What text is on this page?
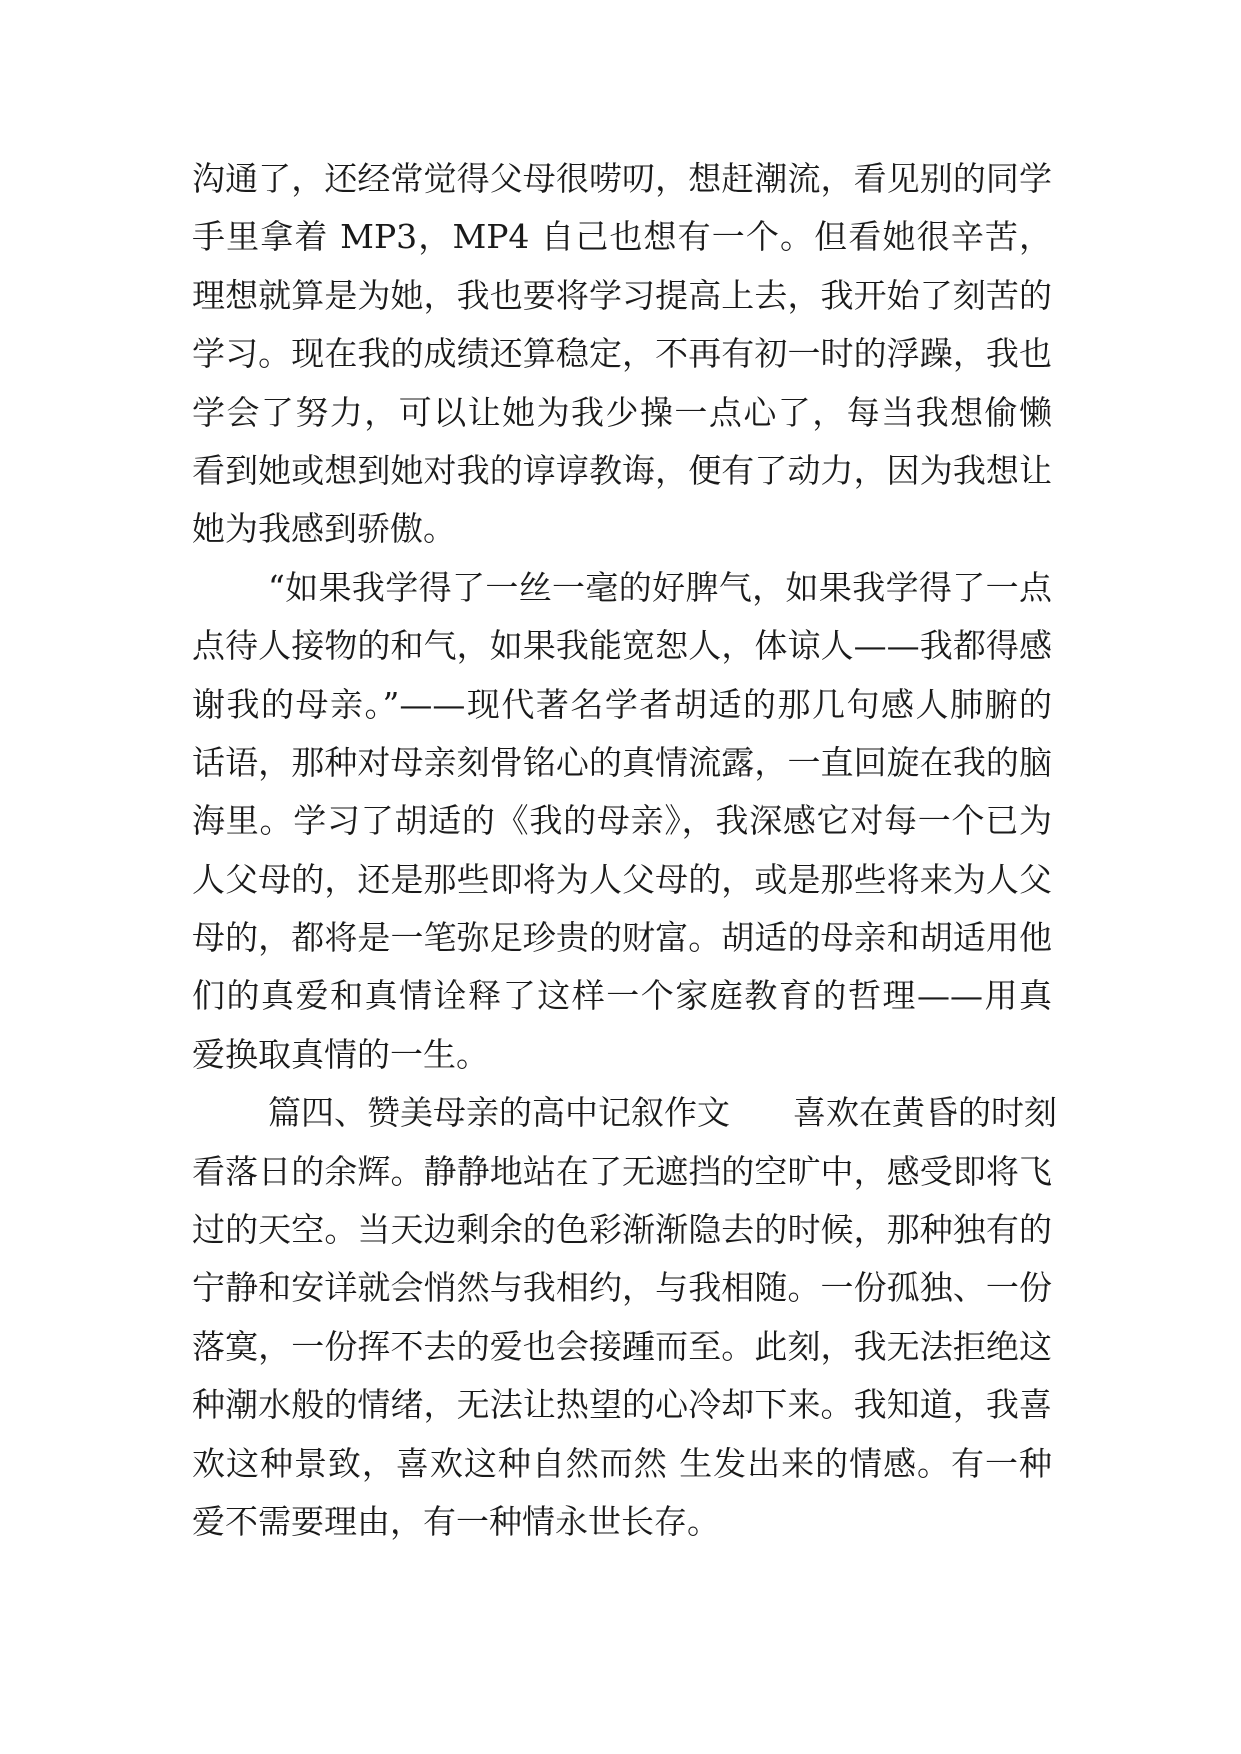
沟通了，还经常觉得父母很唠叨，想赶潮流，看见别的同学
手里拿着 MP3，MP4 自己也想有一个。但看她很辛苦，
理想就算是为她，我也要将学习提高上去，我开始了刻苦的
学习。现在我的成绩还算稳定，不再有初一时的浮躁，我也
学会了努力，可以让她为我少操一点心了，每当我想偷懒
看到她或想到她对我的谆谆教诲，便有了动力，因为我想让
她为我感到骄傲。
“如果我学得了一丝一毫的好脾气，如果我学得了一点
点待人接物的和气，如果我能宽恕人，体谅人——我都得感
谢我的母亲。”——现代著名学者胡适的那几句感人肺腑的
话语，那种对母亲刻骨铭心的真情流露，一直回旋在我的脑
海里。学习了胡适的《我的母亲》，我深感它对每一个已为
人父母的，还是那些即将为人父母的，或是那些将来为人父
母的，都将是一笔弥足珍贵的财富。胡适的母亲和胡适用他
们的真爱和真情诠释了这样一个家庭教育的哲理——用真
爱换取真情的一生。
篇四、赞美母亲的高中记叙作文      喜欢在黄昏的时刻
看落日的余辉。静静地站在了无遮挡的空旷中，感受即将飞
过的天空。当天边剩余的色彩渐渐隐去的时候，那种独有的
宁静和安详就会悄然与我相约，与我相随。一份孤独、一份
落寞，一份挥不去的爱也会接踵而至。此刻，我无法拒绝这
种潮水般的情绪，无法让热望的心冷却下来。我知道，我喜
欢这种景致，喜欢这种自然而然 生发出来的情感。有一种
爱不需要理由，有一种情永世长存。
